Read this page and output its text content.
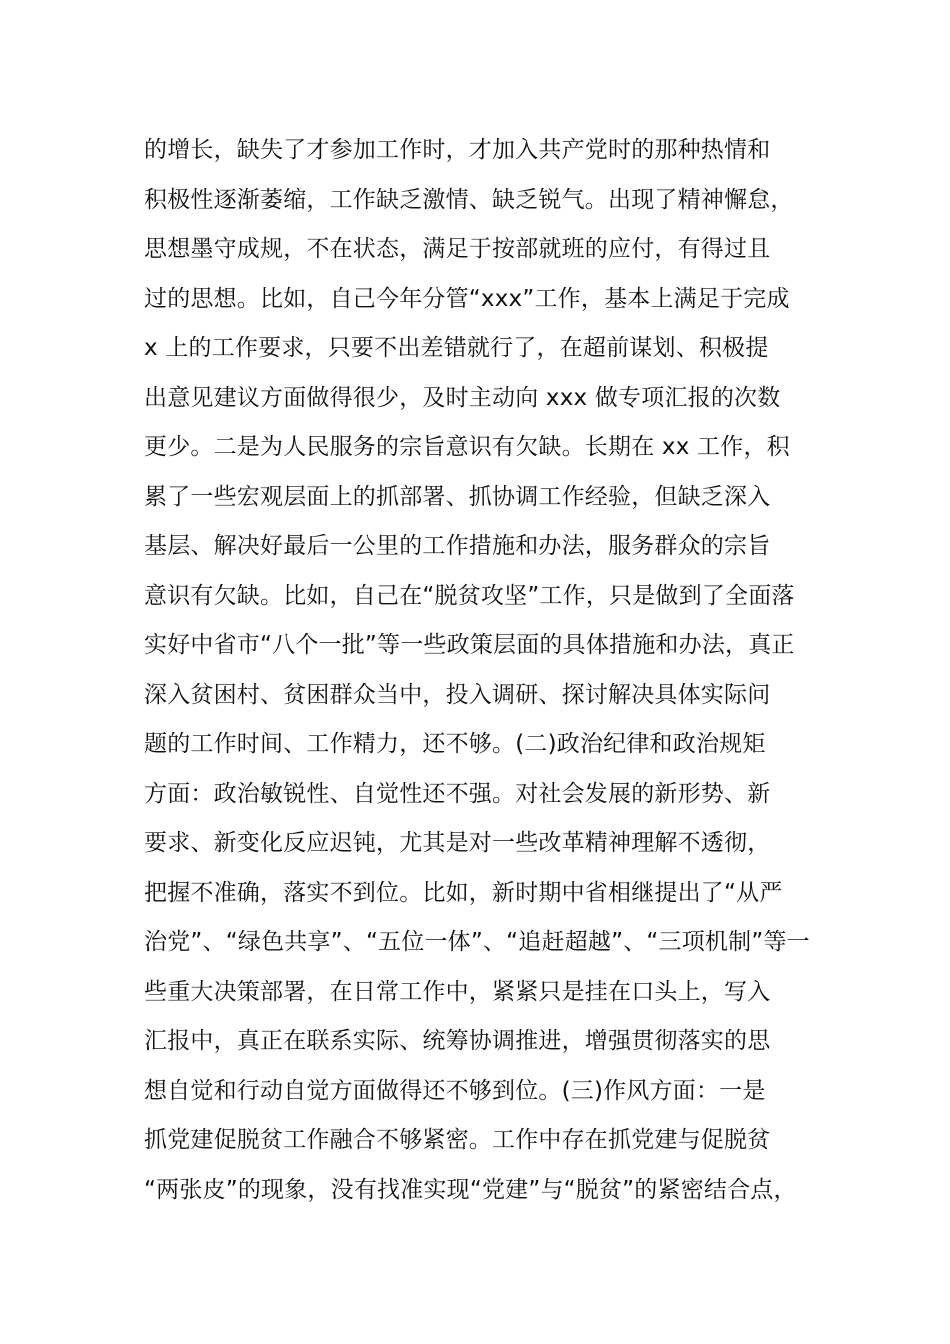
的增长，缺失了才参加工作时，才加入共产党时的那种热情和
积极性逐渐萎缩，工作缺乏激情、缺乏锐气。出现了精神懈怠，
思想墨守成规，不在状态，满足于按部就班的应付，有得过且
过的思想。比如，自己今年分管“xxx”工作，基本上满足于完成
x 上的工作要求，只要不出差错就行了，在超前谋划、积极提
出意见建议方面做得很少，及时主动向 xxx 做专项汇报的次数
更少。二是为人民服务的宗旨意识有欠缺。长期在 xx 工作，积
累了一些宏观层面上的抓部署、抓协调工作经验，但缺乏深入
基层、解决好最后一公里的工作措施和办法，服务群众的宗旨
意识有欠缺。比如，自己在“脱贫攻坚”工作，只是做到了全面落
实好中省市“八个一批”等一些政策层面的具体措施和办法，真正
深入贫困村、贫困群众当中，投入调研、探讨解决具体实际问
题的工作时间、工作精力，还不够。(二)政治纪律和政治规矩
方面：政治敏锐性、自觉性还不强。对社会发展的新形势、新
要求、新变化反应迟钝，尤其是对一些改革精神理解不透彻，
把握不准确，落实不到位。比如，新时期中省相继提出了“从严
治党”、“绿色共享”、“五位一体”、“追赶超越”、“三项机制”等一
些重大决策部署，在日常工作中，紧紧只是挂在口头上，写入
汇报中，真正在联系实际、统筹协调推进，增强贯彻落实的思
想自觉和行动自觉方面做得还不够到位。(三)作风方面：一是
抓党建促脱贫工作融合不够紧密。工作中存在抓党建与促脱贫
“两张皮”的现象，没有找准实现“党建”与“脱贫”的紧密结合点，
